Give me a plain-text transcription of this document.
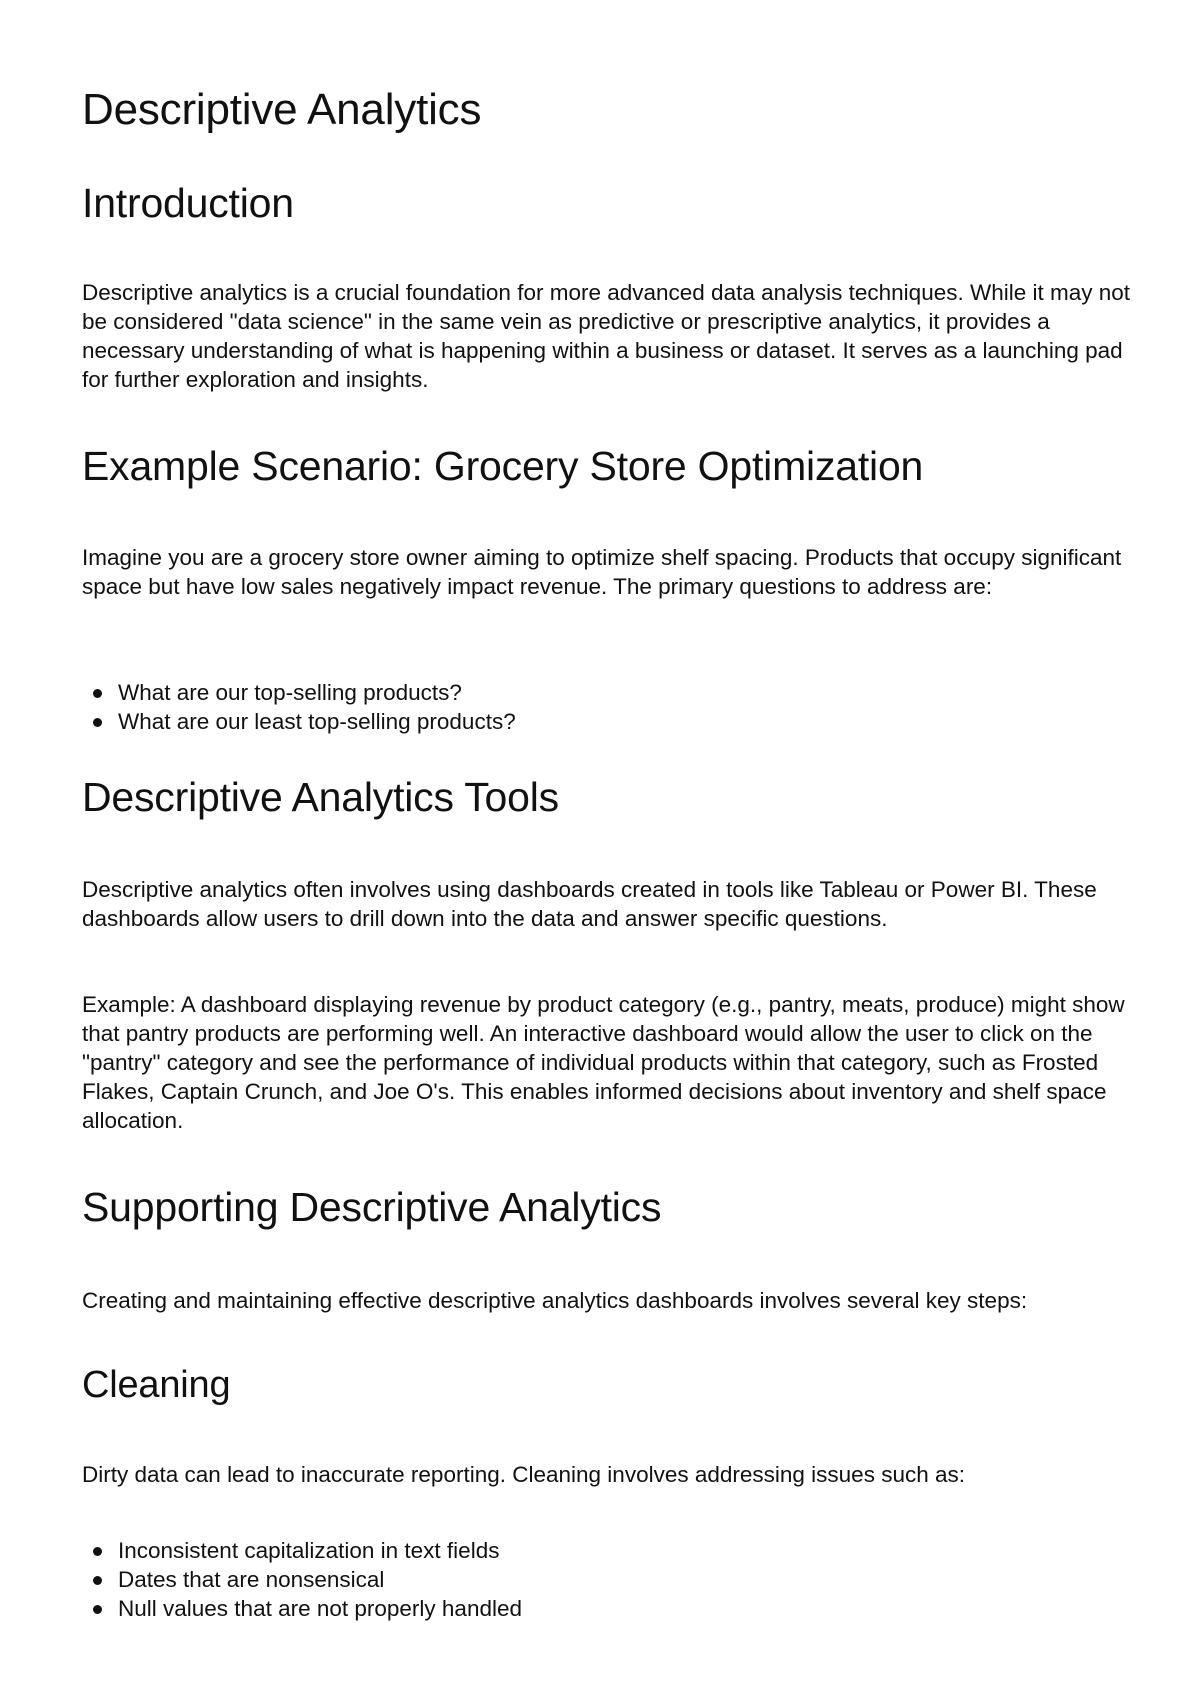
Descriptive Analytics
Introduction

Descriptive analytics is a crucial foundation for more advanced data analysis techniques. While it may not be considered "data science" in the same vein as predictive or prescriptive analytics, it provides a necessary understanding of what is happening within a business or dataset. It serves as a launching pad for further exploration and insights.

Example Scenario: Grocery Store Optimization

Imagine you are a grocery store owner aiming to optimize shelf spacing. Products that occupy significant space but have low sales negatively impact revenue. The primary questions to address are:

What are our top-selling products?
What are our least top-selling products?
Descriptive Analytics Tools

Descriptive analytics often involves using dashboards created in tools like Tableau or Power BI. These dashboards allow users to drill down into the data and answer specific questions.

Example: A dashboard displaying revenue by product category (e.g., pantry, meats, produce) might show that pantry products are performing well. An interactive dashboard would allow the user to click on the "pantry" category and see the performance of individual products within that category, such as Frosted Flakes, Captain Crunch, and Joe O's. This enables informed decisions about inventory and shelf space allocation.

Supporting Descriptive Analytics

Creating and maintaining effective descriptive analytics dashboards involves several key steps:

Cleaning

Dirty data can lead to inaccurate reporting. Cleaning involves addressing issues such as:

Inconsistent capitalization in text fields
Dates that are nonsensical
Null values that are not properly handled
